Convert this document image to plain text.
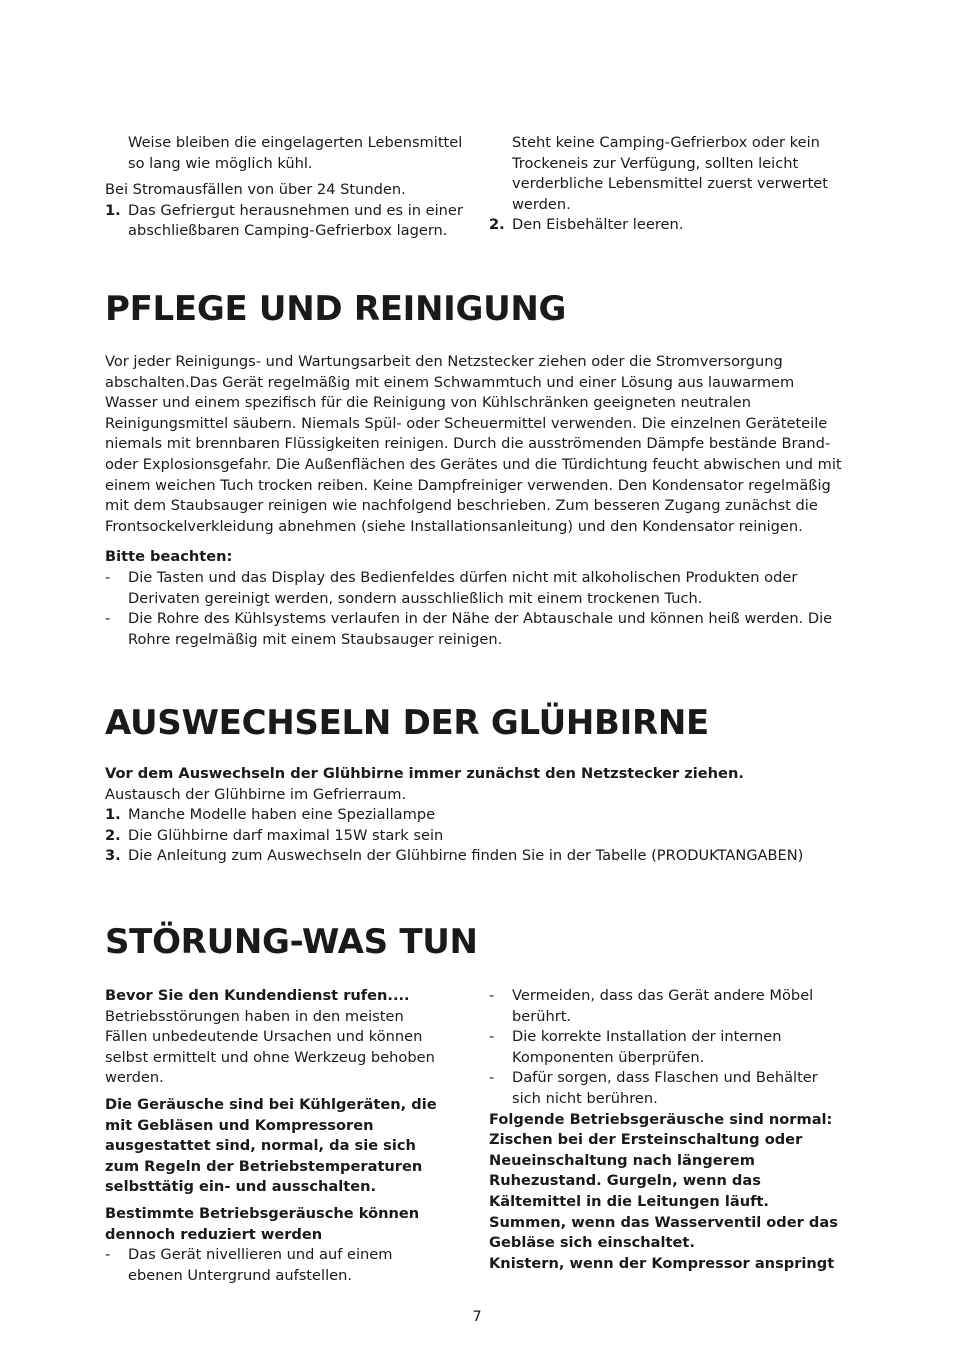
Weise bleiben die eingelagerten Lebensmittel so lang wie möglich kühl.

Bei Stromausfällen von über 24 Stunden.

1. Das Gefriergut herausnehmen und es in einer abschließbaren Camping-Gefrierbox lagern.

Steht keine Camping-Gefrierbox oder kein Trockeneis zur Verfügung, sollten leicht verderbliche Lebensmittel zuerst verwertet werden.

2. Den Eisbehälter leeren.
PFLEGE UND REINIGUNG

Vor jeder Reinigungs- und Wartungsarbeit den Netzstecker ziehen oder die Stromversorgung abschalten.Das Gerät regelmäßig mit einem Schwammtuch und einer Lösung aus lauwarmem Wasser und einem spezifisch für die Reinigung von Kühlschränken geeigneten neutralen Reinigungsmittel säubern. Niemals Spül- oder Scheuermittel verwenden. Die einzelnen Geräteteile niemals mit brennbaren Flüssigkeiten reinigen. Durch die ausströmenden Dämpfe bestände Brand- oder Explosionsgefahr. Die Außenflächen des Gerätes und die Türdichtung feucht abwischen und mit einem weichen Tuch trocken reiben. Keine Dampfreiniger verwenden. Den Kondensator regelmäßig mit dem Staubsauger reinigen wie nachfolgend beschrieben. Zum besseren Zugang zunächst die Frontsockelverkleidung abnehmen (siehe Installationsanleitung) und den Kondensator reinigen.

Bitte beachten:

- Die Tasten und das Display des Bedienfeldes dürfen nicht mit alkoholischen Produkten oder Derivaten gereinigt werden, sondern ausschließlich mit einem trockenen Tuch.
- Die Rohre des Kühlsystems verlaufen in der Nähe der Abtauschale und können heiß werden. Die Rohre regelmäßig mit einem Staubsauger reinigen.
AUSWECHSELN DER GLÜHBIRNE

Vor dem Auswechseln der Glühbirne immer zunächst den Netzstecker ziehen.

Austausch der Glühbirne im Gefrierraum.

1. Manche Modelle haben eine Speziallampe
2. Die Glühbirne darf maximal 15W stark sein
3. Die Anleitung zum Auswechseln der Glühbirne finden Sie in der Tabelle (PRODUKTANGABEN)
STÖRUNG-WAS TUN

Bevor Sie den Kundendienst rufen....

Betriebsstörungen haben in den meisten Fällen unbedeutende Ursachen und können selbst ermittelt und ohne Werkzeug behoben werden.

Die Geräusche sind bei Kühlgeräten, die mit Gebläsen und Kompressoren ausgestattet sind, normal, da sie sich zum Regeln der Betriebstemperaturen selbsttätig ein- und ausschalten.

Bestimmte Betriebsgeräusche können dennoch reduziert werden

- Das Gerät nivellieren und auf einem ebenen Untergrund aufstellen.
- Vermeiden, dass das Gerät andere Möbel berührt.
- Die korrekte Installation der internen Komponenten überprüfen.
- Dafür sorgen, dass Flaschen und Behälter sich nicht berühren.

Folgende Betriebsgeräusche sind normal:

Zischen bei der Ersteinschaltung oder Neueinschaltung nach längerem Ruhezustand. Gurgeln, wenn das Kältemittel in die Leitungen läuft. Summen, wenn das Wasserventil oder das Gebläse sich einschaltet.

Knistern, wenn der Kompressor anspringt

7
